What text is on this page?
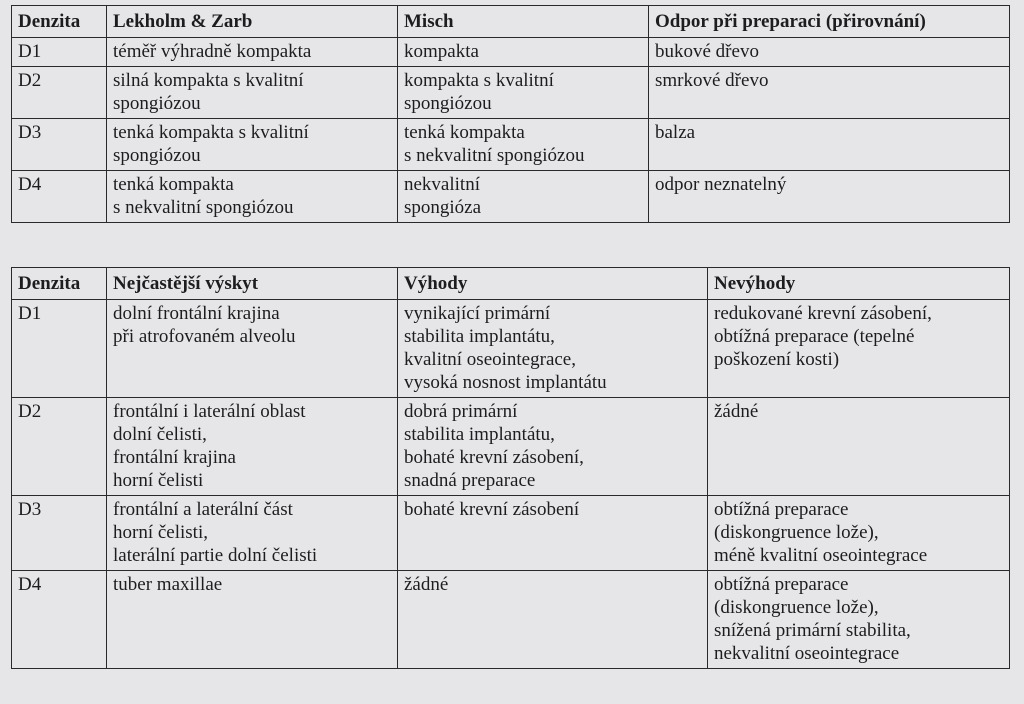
Denzita	Lekholm & Zarb	Misch	Odpor při preparaci (přirovnání)

D1	téměř výhradně kompakta	kompakta	bukové dřevo

D2	silná kompakta s kvalitní
spongiózou	kompakta s kvalitní
spongiózou	smrkové dřevo

D3	tenká kompakta s kvalitní
spongiózou	tenká kompakta
s nekvalitní spongiózou	balza

D4	tenká kompakta
s nekvalitní spongiózou	nekvalitní
spongióza	odpor neznatelný
Denzita	Nejčastější výskyt	Výhody	Nevýhody

D1	dolní frontální krajina
při atrofovaném alveolu	vynikající primární
stabilita implantátu,
kvalitní oseointegrace,
vysoká nosnost implantátu	redukované krevní zásobení,
obtížná preparace (tepelné
poškození kosti)

D2	frontální i laterální oblast
dolní čelisti,
frontální krajina
horní čelisti	dobrá primární
stabilita implantátu,
bohaté krevní zásobení,
snadná preparace	žádné

D3	frontální a laterální část
horní čelisti,
laterální partie dolní čelisti	bohaté krevní zásobení	obtížná preparace
(diskongruence lože),
méně kvalitní oseointegrace

D4	tuber maxillae	žádné	obtížná preparace
(diskongruence lože),
snížená primární stabilita,
nekvalitní oseointegrace
